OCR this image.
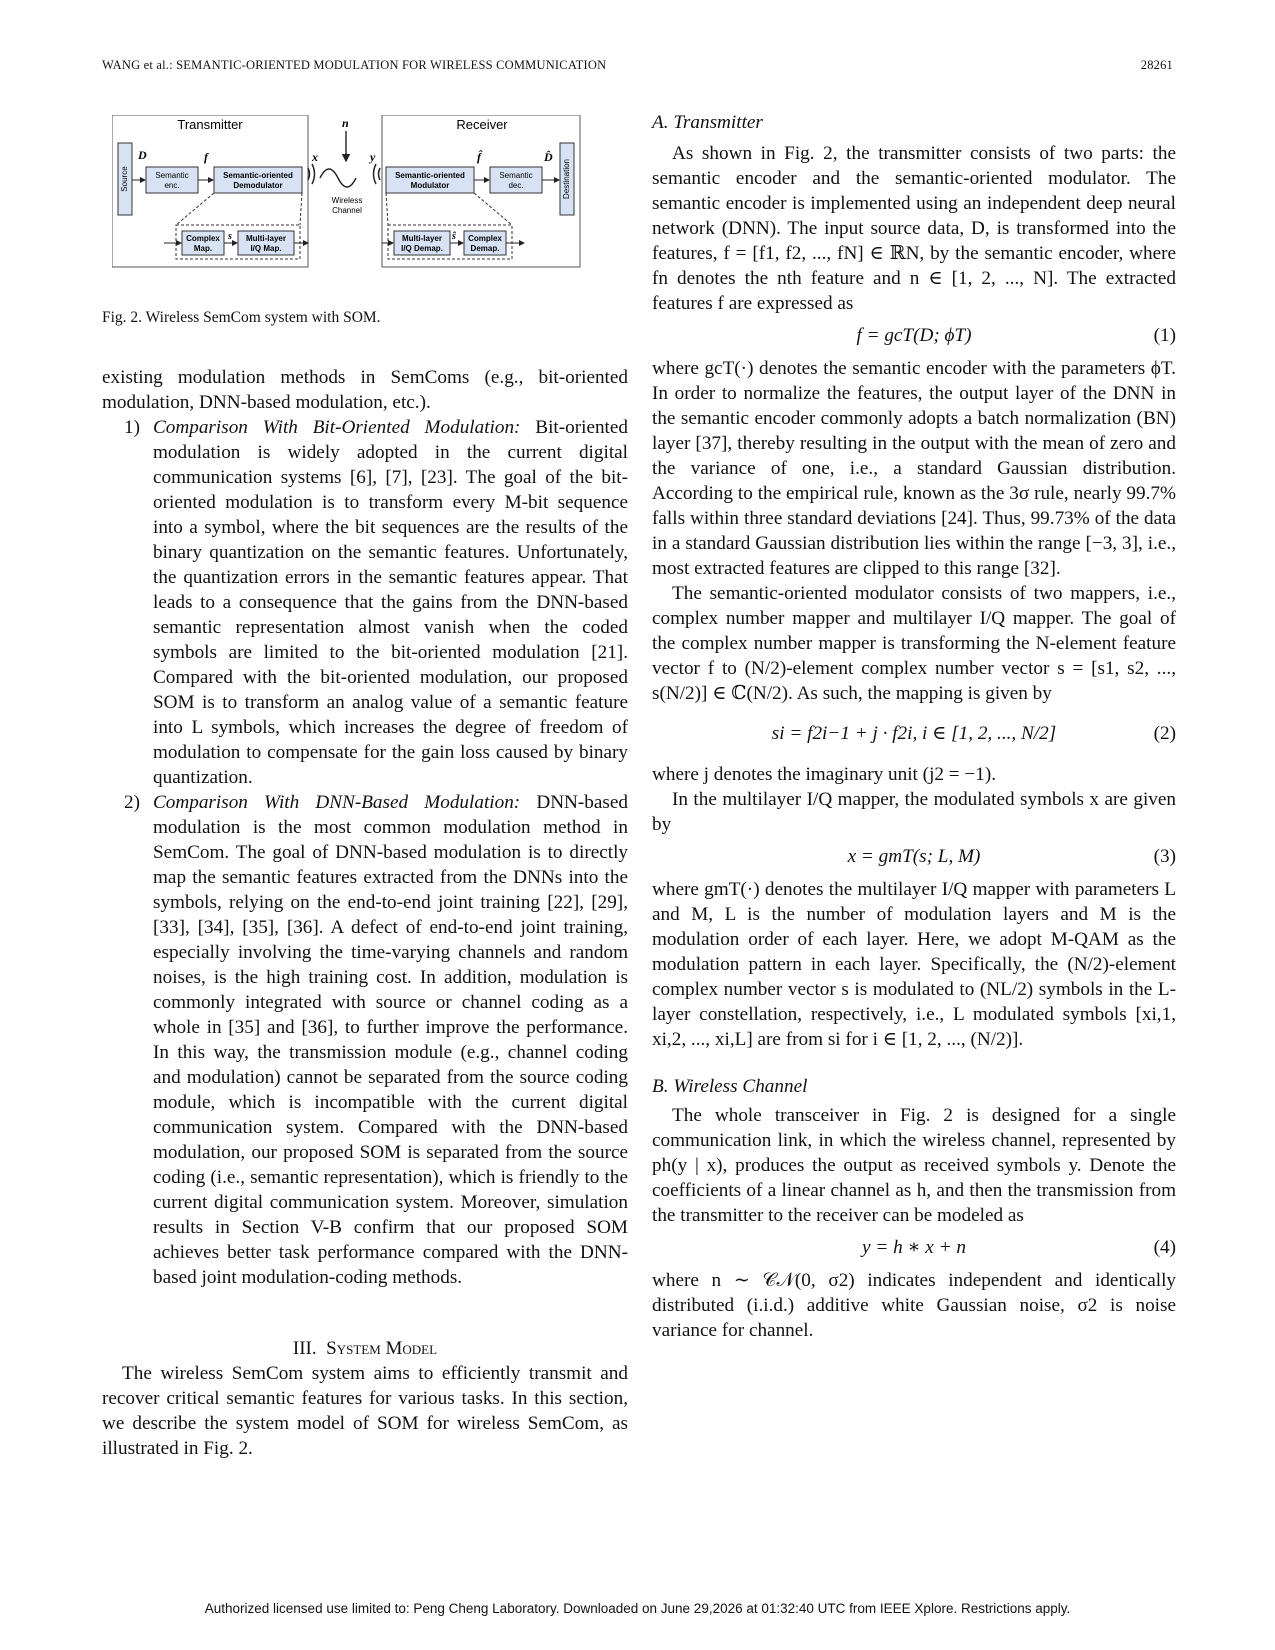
WANG et al.: SEMANTIC-ORIENTED MODULATION FOR WIRELESS COMMUNICATION	28261
Transmitter	Receiver
Source	Destination
D	f	x
n
y	f̂	D̂
Semantic
enc.
Semantic-oriented
Demodulator
Wireless
Channel
Semantic-oriented
Modulator
Semantic
dec.
Complex
Map.
Multi-layer
I/Q Map.
s	Multi-layer
I/Q Demap.
Complex
Demap.
ŝ
Fig. 2. Wireless SemCom system with SOM.

existing modulation methods in SemComs (e.g., bit-oriented modulation, DNN-based modulation, etc.).

1) Comparison With Bit-Oriented Modulation: Bit-oriented modulation is widely adopted in the current digital communication systems [6], [7], [23]. The goal of the bit-oriented modulation is to transform every M-bit sequence into a symbol, where the bit sequences are the results of the binary quantization on the semantic features. Unfortunately, the quantization errors in the semantic features appear. That leads to a consequence that the gains from the DNN-based semantic representation almost vanish when the coded symbols are limited to the bit-oriented modulation [21]. Compared with the bit-oriented modulation, our proposed SOM is to transform an analog value of a semantic feature into L symbols, which increases the degree of freedom of modulation to compensate for the gain loss caused by binary quantization.
2) Comparison With DNN-Based Modulation: DNN-based modulation is the most common modulation method in SemCom. The goal of DNN-based modulation is to directly map the semantic features extracted from the DNNs into the symbols, relying on the end-to-end joint training [22], [29], [33], [34], [35], [36]. A defect of end-to-end joint training, especially involving the time-varying channels and random noises, is the high training cost. In addition, modulation is commonly integrated with source or channel coding as a whole in [35] and [36], to further improve the performance. In this way, the transmission module (e.g., channel coding and modulation) cannot be separated from the source coding module, which is incompatible with the current digital communication system. Compared with the DNN-based modulation, our proposed SOM is separated from the source coding (i.e., semantic representation), which is friendly to the current digital communication system. Moreover, simulation results in Section V-B confirm that our proposed SOM achieves better task performance compared with the DNN-based joint modulation-coding methods.

III. System Model

The wireless SemCom system aims to efficiently transmit and recover critical semantic features for various tasks. In this section, we describe the system model of SOM for wireless SemCom, as illustrated in Fig. 2.

A. Transmitter

As shown in Fig. 2, the transmitter consists of two parts: the semantic encoder and the semantic-oriented modulator. The semantic encoder is implemented using an independent deep neural network (DNN). The input source data, D, is transformed into the features, f = [f1, f2, ..., fN] ∈ ℝN, by the semantic encoder, where fn denotes the nth feature and n ∈ [1, 2, ..., N]. The extracted features f are expressed as

f = gcT(D; ϕT)	(1)

where gcT(·) denotes the semantic encoder with the parameters ϕT. In order to normalize the features, the output layer of the DNN in the semantic encoder commonly adopts a batch normalization (BN) layer [37], thereby resulting in the output with the mean of zero and the variance of one, i.e., a standard Gaussian distribution. According to the empirical rule, known as the 3σ rule, nearly 99.7% falls within three standard deviations [24]. Thus, 99.73% of the data in a standard Gaussian distribution lies within the range [−3, 3], i.e., most extracted features are clipped to this range [32].

The semantic-oriented modulator consists of two mappers, i.e., complex number mapper and multilayer I/Q mapper. The goal of the complex number mapper is transforming the N-element feature vector f to (N/2)-element complex number vector s = [s1, s2, ..., s(N/2)] ∈ ℂ(N/2). As such, the mapping is given by

si = f2i−1 + j · f2i, i ∈ [1, 2, ..., N/2]	(2)

where j denotes the imaginary unit (j2 = −1).

In the multilayer I/Q mapper, the modulated symbols x are given by

x = gmT(s; L, M)	(3)

where gmT(·) denotes the multilayer I/Q mapper with parameters L and M, L is the number of modulation layers and M is the modulation order of each layer. Here, we adopt M-QAM as the modulation pattern in each layer. Specifically, the (N/2)-element complex number vector s is modulated to (NL/2) symbols in the L-layer constellation, respectively, i.e., L modulated symbols [xi,1, xi,2, ..., xi,L] are from si for i ∈ [1, 2, ..., (N/2)].

B. Wireless Channel

The whole transceiver in Fig. 2 is designed for a single communication link, in which the wireless channel, represented by ph(y | x), produces the output as received symbols y. Denote the coefficients of a linear channel as h, and then the transmission from the transmitter to the receiver can be modeled as

y = h ∗ x + n	(4)

where n ∼ 𝒞𝒩(0, σ2) indicates independent and identically distributed (i.i.d.) additive white Gaussian noise, σ2 is noise variance for channel.

Authorized licensed use limited to: Peng Cheng Laboratory. Downloaded on June 29,2026 at 01:32:40 UTC from IEEE Xplore. Restrictions apply.
